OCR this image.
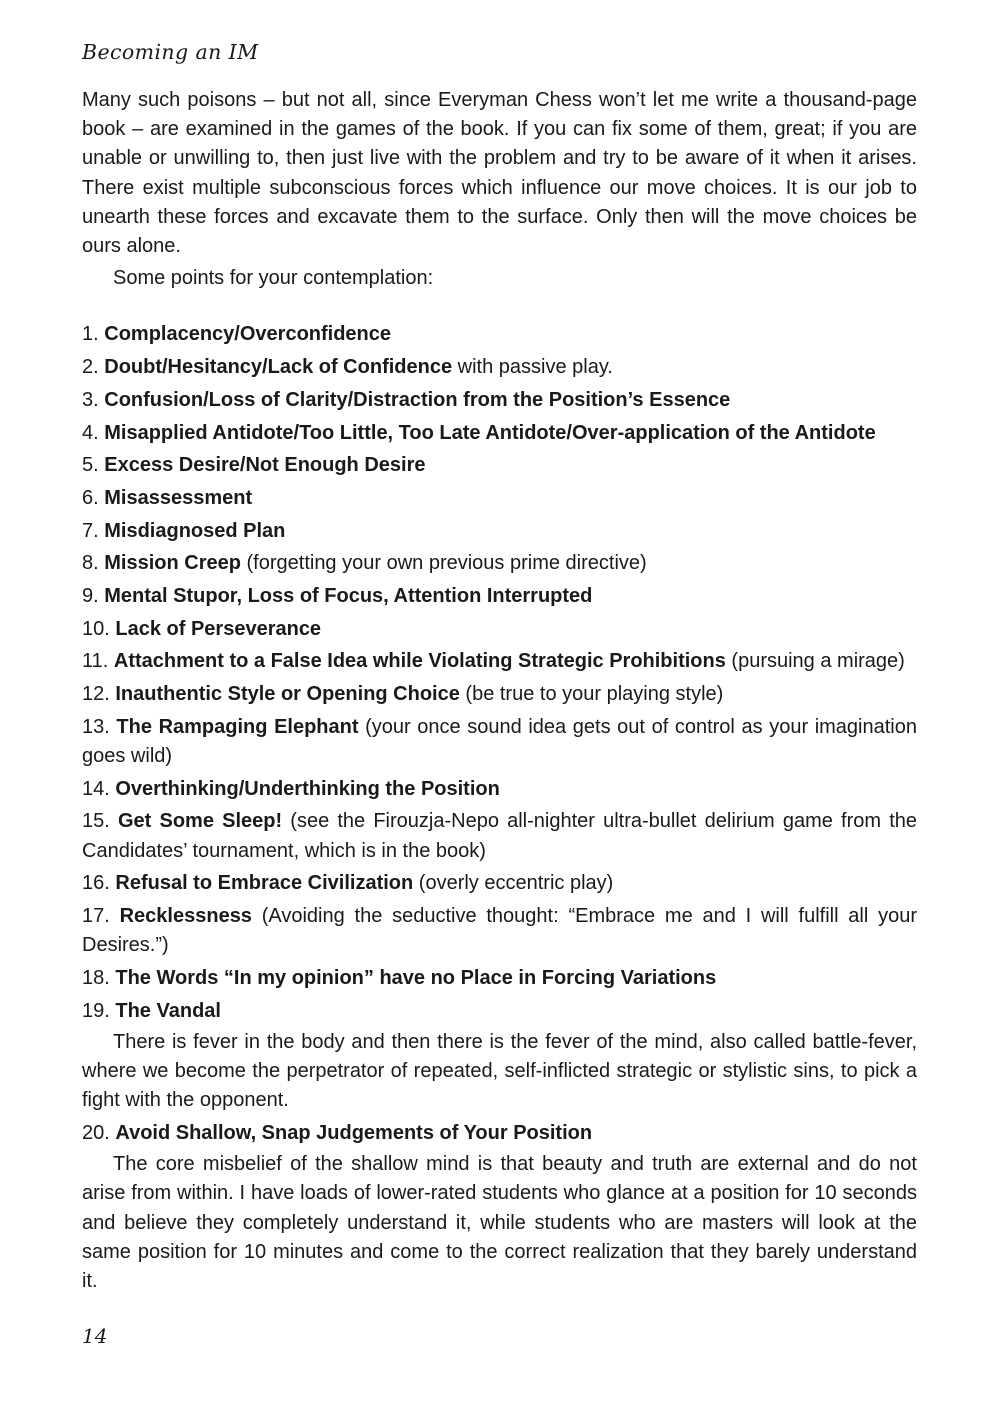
Becoming an IM

Many such poisons – but not all, since Everyman Chess won’t let me write a thousand-page book – are examined in the games of the book. If you can fix some of them, great; if you are unable or unwilling to, then just live with the problem and try to be aware of it when it arises. There exist multiple subconscious forces which influence our move choices. It is our job to unearth these forces and excavate them to the surface. Only then will the move choices be ours alone.

Some points for your contemplation:

1. Complacency/Overconfidence

2. Doubt/Hesitancy/Lack of Confidence with passive play.

3. Confusion/Loss of Clarity/Distraction from the Position’s Essence

4. Misapplied Antidote/Too Little, Too Late Antidote/Over-application of the Antidote

5. Excess Desire/Not Enough Desire

6. Misassessment

7. Misdiagnosed Plan

8. Mission Creep (forgetting your own previous prime directive)

9. Mental Stupor, Loss of Focus, Attention Interrupted

10. Lack of Perseverance

11. Attachment to a False Idea while Violating Strategic Prohibitions (pursuing a mirage)

12. Inauthentic Style or Opening Choice (be true to your playing style)

13. The Rampaging Elephant (your once sound idea gets out of control as your imagination goes wild)

14. Overthinking/Underthinking the Position

15. Get Some Sleep! (see the Firouzja-Nepo all-nighter ultra-bullet delirium game from the Candidates’ tournament, which is in the book)

16. Refusal to Embrace Civilization (overly eccentric play)

17. Recklessness (Avoiding the seductive thought: “Embrace me and I will fulfill all your Desires.”)

18. The Words “In my opinion” have no Place in Forcing Variations

19. The Vandal

There is fever in the body and then there is the fever of the mind, also called battle-fever, where we become the perpetrator of repeated, self-inflicted strategic or stylistic sins, to pick a fight with the opponent.

20. Avoid Shallow, Snap Judgements of Your Position

The core misbelief of the shallow mind is that beauty and truth are external and do not arise from within. I have loads of lower-rated students who glance at a position for 10 seconds and believe they completely understand it, while students who are masters will look at the same position for 10 minutes and come to the correct realization that they barely understand it.

14
